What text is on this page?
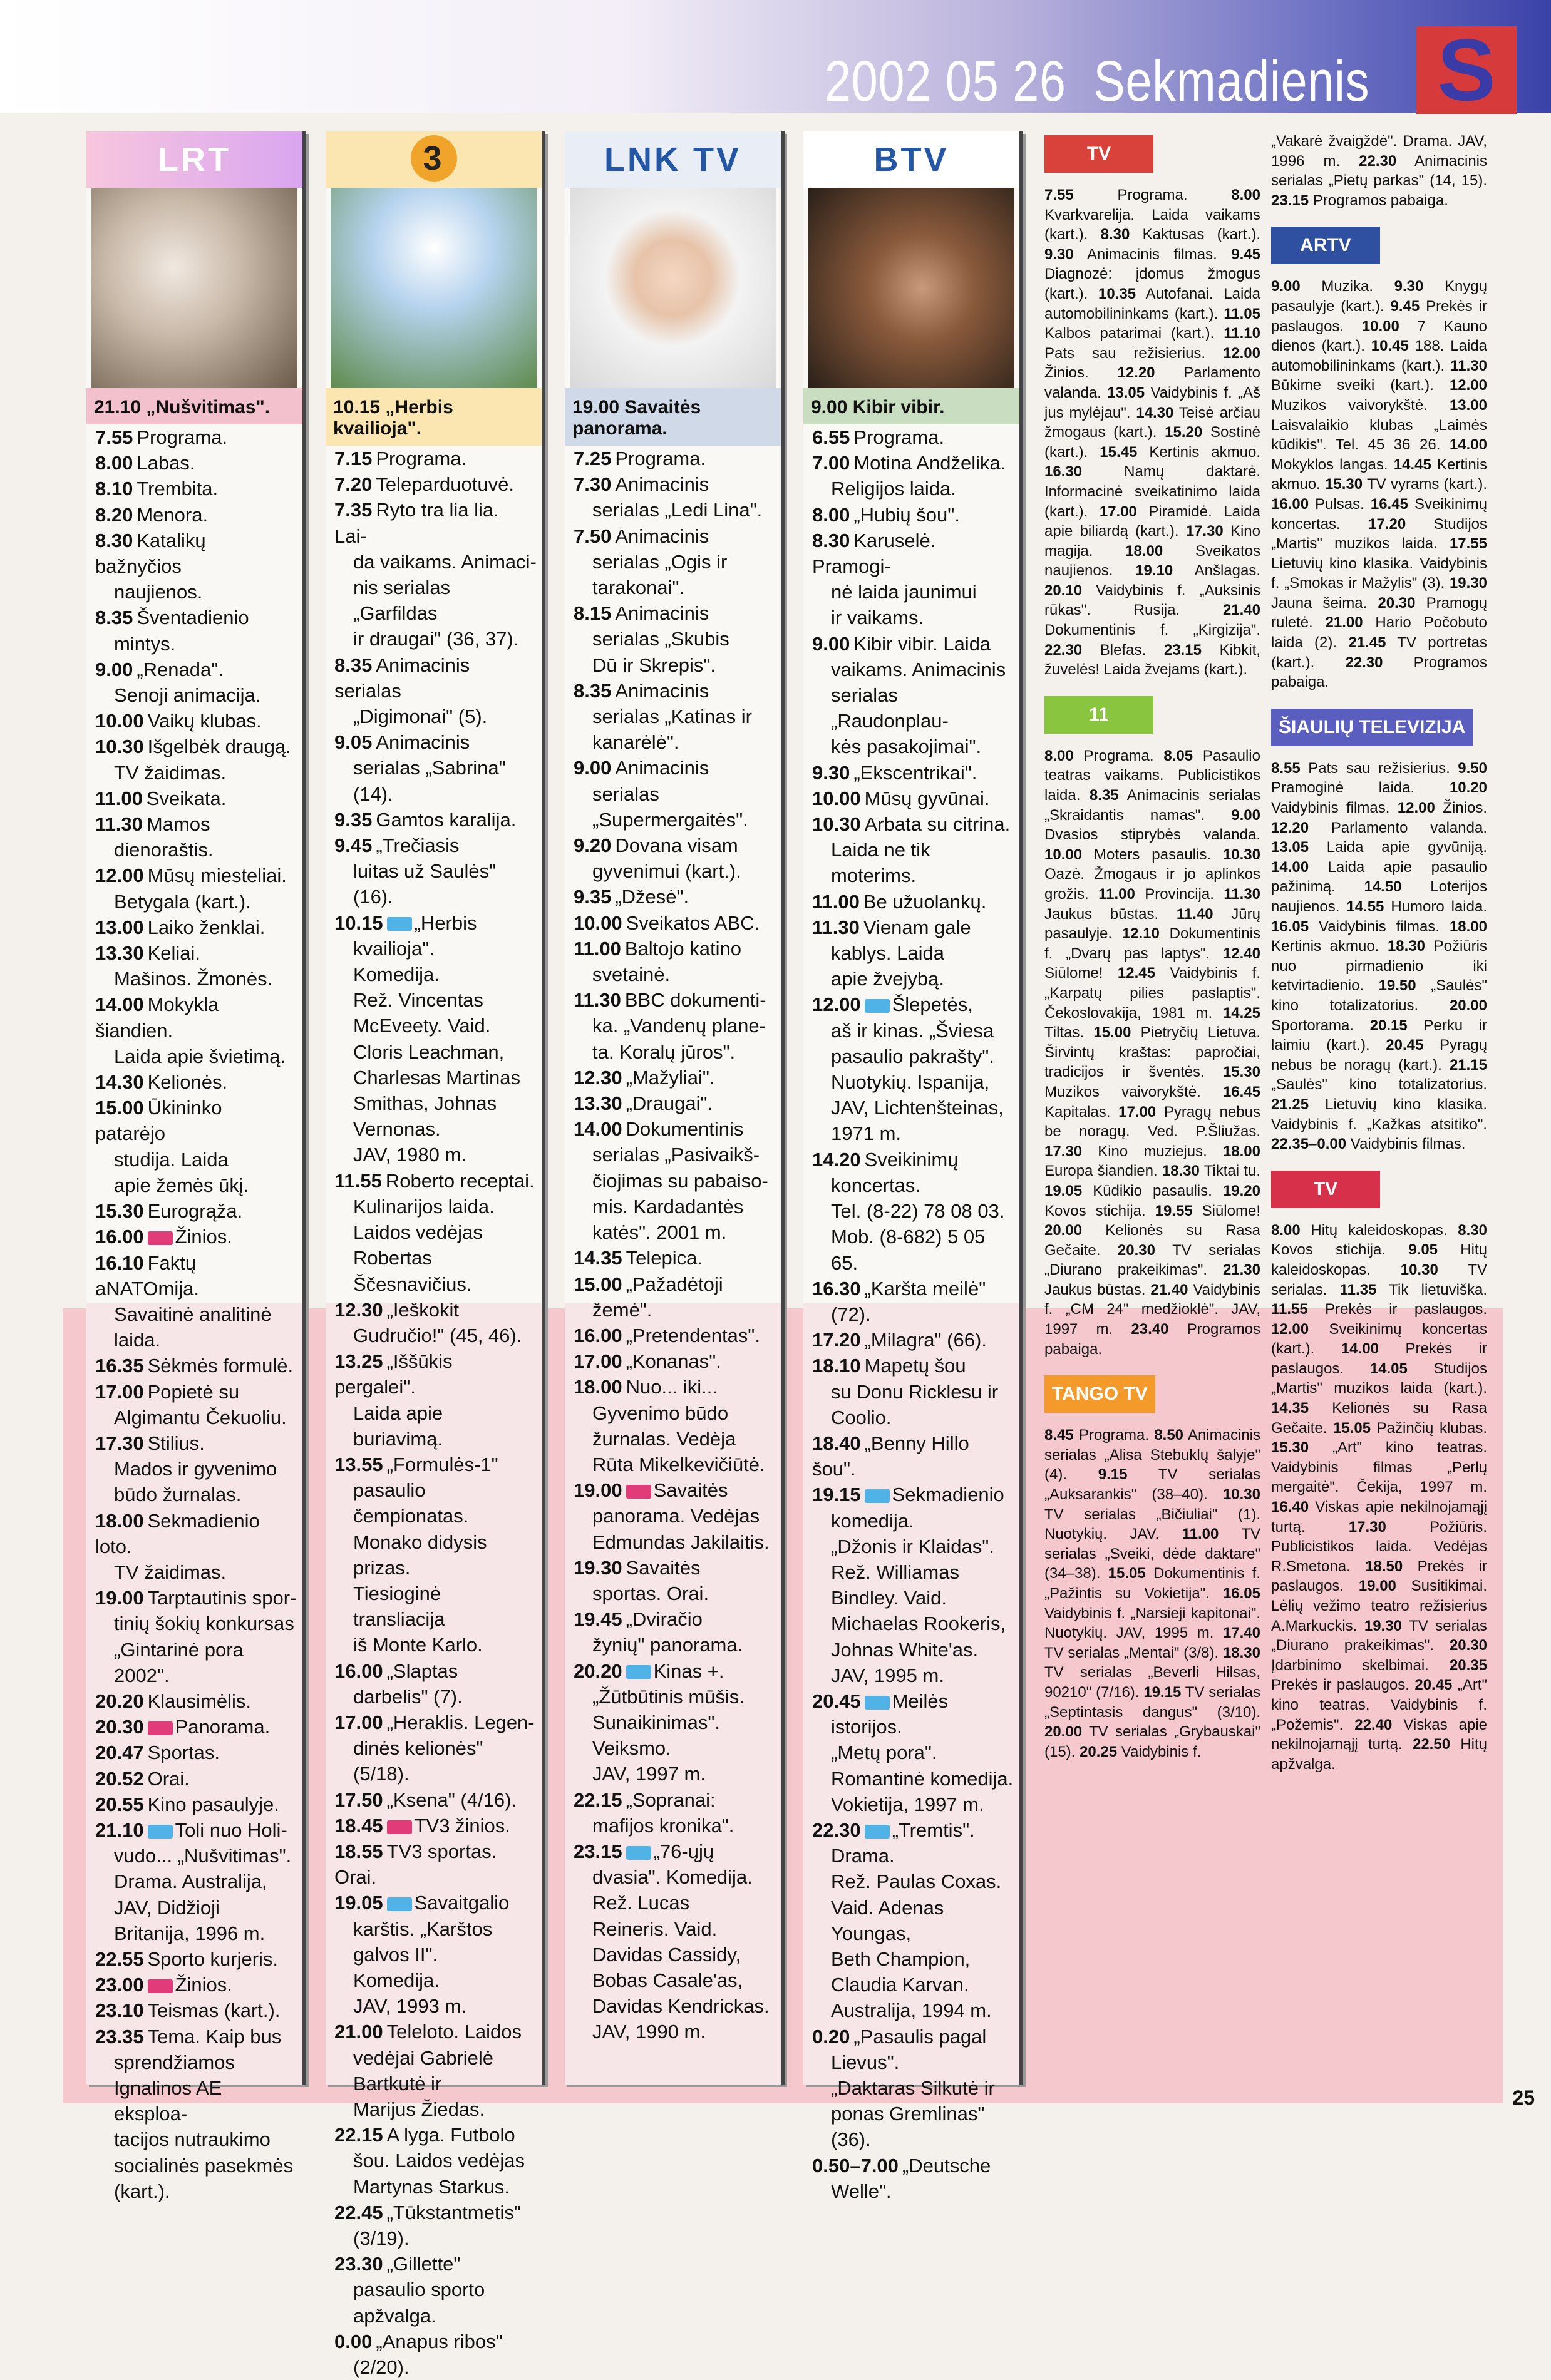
2002 05 26 Sekmadienis S
LRT
21.10 „Nušvitimas".
7.55 Programa.
8.00 Labas.
8.10 Trembita.
8.20 Menora.
8.30 Katalikų bažnyčios
naujienos.
8.35 Šventadienio
mintys.
9.00 „Renada".
Senoji animacija.
10.00 Vaikų klubas.
10.30 Išgelbėk draugą.
TV žaidimas.
11.00 Sveikata.
11.30 Mamos
dienoraštis.
12.00 Mūsų miesteliai.
Betygala (kart.).
13.00 Laiko ženklai.
13.30 Keliai.
Mašinos. Žmonės.
14.00 Mokykla šiandien.
Laida apie švietimą.
14.30 Kelionės.
15.00 Ūkininko patarėjo
studija. Laida
apie žemės ūkį.
15.30 Eurogrąža.
16.00 Žinios.
16.10 Faktų aNATOmija.
Savaitinė analitinė
laida.
16.35 Sėkmės formulė.
17.00 Popietė su
Algimantu Čekuoliu.
17.30 Stilius.
Mados ir gyvenimo
būdo žurnalas.
18.00 Sekmadienio loto.
TV žaidimas.
19.00 Tarptautinis spor-
tinių šokių konkursas
„Gintarinė pora 2002".
20.20 Klausimėlis.
20.30 Panorama.
20.47 Sportas.
20.52 Orai.
20.55 Kino pasaulyje.
21.10 Toli nuo Holi-
vudo... „Nušvitimas".
Drama. Australija,
JAV, Didžioji
Britanija, 1996 m.
22.55 Sporto kurjeris.
23.00 Žinios.
23.10 Teismas (kart.).
23.35 Tema. Kaip bus
sprendžiamos
Ignalinos AE eksploa-
tacijos nutraukimo
socialinės pasekmės
(kart.).
3
10.15 „Herbis kvailioja".
7.15 Programa.
7.20 Teleparduotuvė.
7.35 Ryto tra lia lia. Lai-
da vaikams. Animaci-
nis serialas „Garfildas
ir draugai" (36, 37).
8.35 Animacinis serialas
„Digimonai" (5).
9.05 Animacinis
serialas „Sabrina" (14).
9.35 Gamtos karalija.
9.45 „Trečiasis
luitas už Saulės" (16).
10.15 „Herbis
kvailioja".
Komedija.
Rež. Vincentas
McEveety. Vaid.
Cloris Leachman,
Charlesas Martinas
Smithas, Johnas
Vernonas.
JAV, 1980 m.
11.55 Roberto receptai.
Kulinarijos laida.
Laidos vedėjas
Robertas Ščesnavičius.
12.30 „Ieškokit
Gudručio!" (45, 46).
13.25 „Iššūkis pergalei".
Laida apie buriavimą.
13.55 „Formulės-1"
pasaulio čempionatas.
Monako didysis prizas.
Tiesioginė transliacija
iš Monte Karlo.
16.00 „Slaptas
darbelis" (7).
17.00 „Heraklis. Legen-
dinės kelionės" (5/18).
17.50 „Ksena" (4/16).
18.45 TV3 žinios.
18.55 TV3 sportas. Orai.
19.05 Savaitgalio
karštis. „Karštos
galvos II".
Komedija.
JAV, 1993 m.
21.00 Teleloto. Laidos
vedėjai Gabrielė
Bartkutė ir
Marijus Žiedas.
22.15 A lyga. Futbolo
šou. Laidos vedėjas
Martynas Starkus.
22.45 „Tūkstantmetis"
(3/19).
23.30 „Gillette"
pasaulio sporto
apžvalga.
0.00 „Anapus ribos"
(2/20).
LNK TV
19.00 Savaitės panorama.
7.25 Programa.
7.30 Animacinis
serialas „Ledi Lina".
7.50 Animacinis
serialas „Ogis ir
tarakonai".
8.15 Animacinis
serialas „Skubis
Dū ir Skrepis".
8.35 Animacinis
serialas „Katinas ir
kanarėlė".
9.00 Animacinis
serialas
„Supermergaitės".
9.20 Dovana visam
gyvenimui (kart.).
9.35 „Džesė".
10.00 Sveikatos ABC.
11.00 Baltojo katino
svetainė.
11.30 BBC dokumenti-
ka. „Vandenų plane-
ta. Koralų jūros".
12.30 „Mažyliai".
13.30 „Draugai".
14.00 Dokumentinis
serialas „Pasivaikš-
čiojimas su pabaiso-
mis. Kardadantės
katės". 2001 m.
14.35 Telepica.
15.00 „Pažadėtoji
žemė".
16.00 „Pretendentas".
17.00 „Konanas".
18.00 Nuo... iki...
Gyvenimo būdo
žurnalas. Vedėja
Rūta Mikelkevičiūtė.
19.00 Savaitės
panorama. Vedėjas
Edmundas Jakilaitis.
19.30 Savaitės
sportas. Orai.
19.45 „Dviračio
žynių" panorama.
20.20 Kinas +.
„Žūtbūtinis mūšis.
Sunaikinimas".
Veiksmo.
JAV, 1997 m.
22.15 „Sopranai:
mafijos kronika".
23.15 „76-ųjų
dvasia". Komedija.
Rež. Lucas
Reineris. Vaid.
Davidas Cassidy,
Bobas Casale'as,
Davidas Kendrickas.
JAV, 1990 m.
BTV
9.00 Kibir vibir.
6.55 Programa.
7.00 Motina Andželika.
Religijos laida.
8.00 „Hubių šou".
8.30 Karuselė. Pramogi-
nė laida jaunimui
ir vaikams.
9.00 Kibir vibir. Laida
vaikams. Animacinis
serialas „Raudonplau-
kės pasakojimai".
9.30 „Ekscentrikai".
10.00 Mūsų gyvūnai.
10.30 Arbata su citrina.
Laida ne tik moterims.
11.00 Be užuolankų.
11.30 Vienam gale
kablys. Laida
apie žvejybą.
12.00 Šlepetės,
aš ir kinas. „Šviesa
pasaulio pakrašty".
Nuotykių. Ispanija,
JAV, Lichtenšteinas,
1971 m.
14.20 Sveikinimų
koncertas.
Tel. (8-22) 78 08 03.
Mob. (8-682) 5 05 65.
16.30 „Karšta meilė"
(72).
17.20 „Milagra" (66).
18.10 Mapetų šou
su Donu Ricklesu ir
Coolio.
18.40 „Benny Hillo šou".
19.15 Sekmadienio
komedija.
„Džonis ir Klaidas".
Rež. Williamas
Bindley. Vaid.
Michaelas Rookeris,
Johnas White'as.
JAV, 1995 m.
20.45 Meilės
istorijos.
„Metų pora".
Romantinė komedija.
Vokietija, 1997 m.
22.30 „Tremtis".
Drama.
Rež. Paulas Coxas.
Vaid. Adenas Youngas,
Beth Champion,
Claudia Karvan.
Australija, 1994 m.
0.20 „Pasaulis pagal
Lievus".
„Daktaras Silkutė ir
ponas Gremlinas" (36).
0.50–7.00 „Deutsche
Welle".
TV
7.55 Programa. 8.00 Kvarkvarelija. Laida vaikams (kart.). 8.30 Kaktusas (kart.). 9.30 Animacinis filmas. 9.45 Diagnozė: įdomus žmogus (kart.). 10.35 Autofanai. Laida automobilininkams (kart.). 11.05 Kalbos patarimai (kart.). 11.10 Pats sau režisierius. 12.00 Žinios. 12.20 Parlamento valanda. 13.05 Vaidybinis f. „Aš jus mylėjau". 14.30 Teisė arčiau žmogaus (kart.). 15.20 Sostinė (kart.). 15.45 Kertinis akmuo. 16.30 Namų daktarė. Informacinė sveikatinimo laida (kart.). 17.00 Piramidė. Laida apie biliardą (kart.). 17.30 Kino magija. 18.00 Sveikatos naujienos. 19.10 Anšlagas. 20.10 Vaidybinis f. „Auksinis rūkas". Rusija. 21.40 Dokumentinis f. „Kirgizija". 22.30 Blefas. 23.15 Kibkit, žuvelės! Laida žvejams (kart.).
11
8.00 Programa. 8.05 Pasaulio teatras vaikams. Publicistikos laida. 8.35 Animacinis serialas „Skraidantis namas". 9.00 Dvasios stiprybės valanda. 10.00 Moters pasaulis. 10.30 Oazė. Žmogaus ir jo aplinkos grožis. 11.00 Provincija. 11.30 Jaukus būstas. 11.40 Jūrų pasaulyje. 12.10 Dokumentinis f. „Dvarų pas laptys". 12.40 Siūlome! 12.45 Vaidybinis f. „Karpatų pilies paslaptis". Čekoslovakija, 1981 m. 14.25 Tiltas. 15.00 Pietryčių Lietuva. Širvintų kraštas: papročiai, tradicijos ir šventės. 15.30 Muzikos vaivorykštė. 16.45 Kapitalas. 17.00 Pyragų nebus be noragų. Ved. P.Šliužas. 17.30 Kino muziejus. 18.00 Europa šiandien. 18.30 Tiktai tu. 19.05 Kūdikio pasaulis. 19.20 Kovos stichija. 19.55 Siūlome! 20.00 Kelionės su Rasa Gečaite. 20.30 TV serialas „Diurano prakeikimas". 21.30 Jaukus būstas. 21.40 Vaidybinis f. „CM 24" medžioklė". JAV, 1997 m. 23.40 Programos pabaiga.
TANGO TV
8.45 Programa. 8.50 Animacinis serialas „Alisa Stebuklų šalyje" (4). 9.15 TV serialas „Auksarankis" (38–40). 10.30 TV serialas „Bičiuliai" (1). Nuotykių. JAV. 11.00 TV serialas „Sveiki, dėde daktare" (34–38). 15.05 Dokumentinis f. „Pažintis su Vokietija". 16.05 Vaidybinis f. „Narsieji kapitonai". Nuotykių. JAV, 1995 m. 17.40 TV serialas „Mentai" (3/8). 18.30 TV serialas „Beverli Hilsas, 90210" (7/16). 19.15 TV serialas „Septintasis dangus" (3/10). 20.00 TV serialas „Grybauskai" (15). 20.25 Vaidybinis f.
„Vakarė žvaigždė". Drama. JAV, 1996 m. 22.30 Animacinis serialas „Pietų parkas" (14, 15). 23.15 Programos pabaiga.
ARTV
9.00 Muzika. 9.30 Knygų pasaulyje (kart.). 9.45 Prekės ir paslaugos. 10.00 7 Kauno dienos (kart.). 10.45 188. Laida automobilininkams (kart.). 11.30 Būkime sveiki (kart.). 12.00 Muzikos vaivorykštė. 13.00 Laisvalaikio klubas „Laimės kūdikis". Tel. 45 36 26. 14.00 Mokyklos langas. 14.45 Kertinis akmuo. 15.30 TV vyrams (kart.). 16.00 Pulsas. 16.45 Sveikinimų koncertas. 17.20 Studijos „Martis" muzikos laida. 17.55 Lietuvių kino klasika. Vaidybinis f. „Smokas ir Mažylis" (3). 19.30 Jauna šeima. 20.30 Pramogų ruletė. 21.00 Hario Počobuto laida (2). 21.45 TV portretas (kart.). 22.30 Programos pabaiga.
ŠIAULIŲ TELEVIZIJA
8.55 Pats sau režisierius. 9.50 Pramoginė laida. 10.20 Vaidybinis filmas. 12.00 Žinios. 12.20 Parlamento valanda. 13.05 Laida apie gyvūniją. 14.00 Laida apie pasaulio pažinimą. 14.50 Loterijos naujienos. 14.55 Humoro laida. 16.05 Vaidybinis filmas. 18.00 Kertinis akmuo. 18.30 Požiūris nuo pirmadienio iki ketvirtadienio. 19.50 „Saulės" kino totalizatorius. 20.00 Sportorama. 20.15 Perku ir laimiu (kart.). 20.45 Pyragų nebus be noragų (kart.). 21.15 „Saulės" kino totalizatorius. 21.25 Lietuvių kino klasika. Vaidybinis f. „Kažkas atsitiko". 22.35–0.00 Vaidybinis filmas.
TV
8.00 Hitų kaleidoskopas. 8.30 Kovos stichija. 9.05 Hitų kaleidoskopas. 10.30 TV serialas. 11.35 Tik lietuviška. 11.55 Prekės ir paslaugos. 12.00 Sveikinimų koncertas (kart.). 14.00 Prekės ir paslaugos. 14.05 Studijos „Martis" muzikos laida (kart.). 14.35 Kelionės su Rasa Gečaite. 15.05 Pažinčių klubas. 15.30 „Art" kino teatras. Vaidybinis filmas „Perlų mergaitė". Čekija, 1997 m. 16.40 Viskas apie nekilnojamąjį turtą. 17.30 Požiūris. Publicistikos laida. Vedėjas R.Smetona. 18.50 Prekės ir paslaugos. 19.00 Susitikimai. Lėlių vežimo teatro režisierius A.Markuckis. 19.30 TV serialas „Diurano prakeikimas". 20.30 Įdarbinimo skelbimai. 20.35 Prekės ir paslaugos. 20.45 „Art" kino teatras. Vaidybinis f. „Požemis". 22.40 Viskas apie nekilnojamąjį turtą. 22.50 Hitų apžvalga.
25
